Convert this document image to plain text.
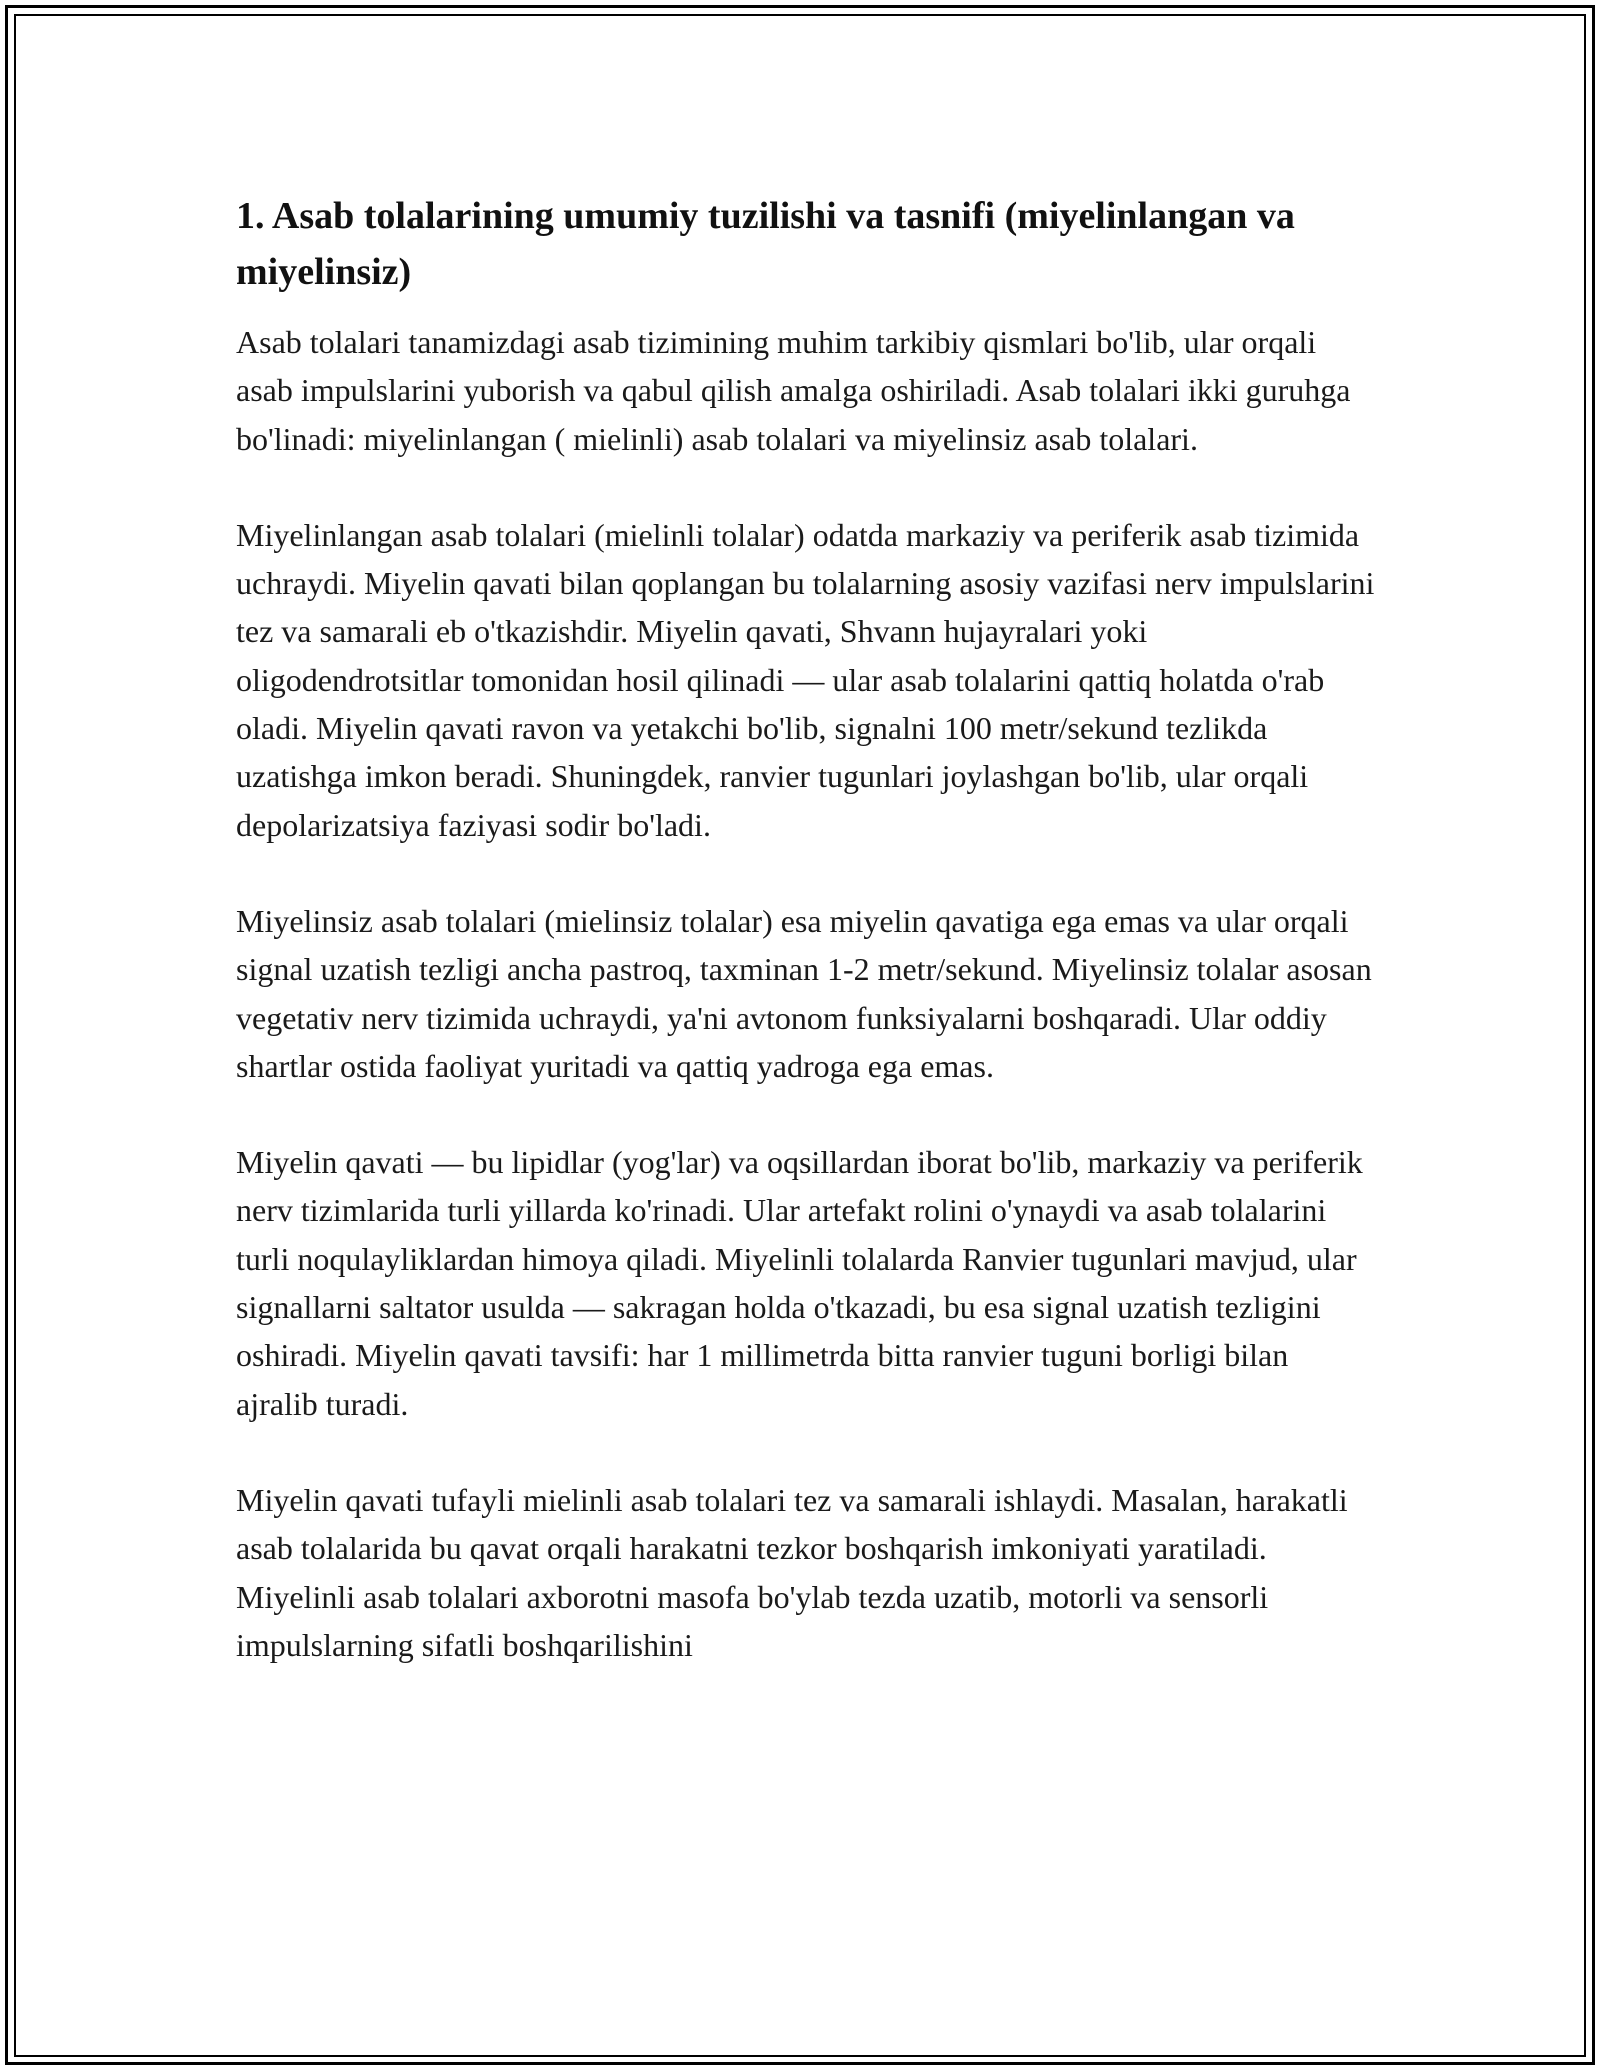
1. Asab tolalarining umumiy tuzilishi va tasnifi (miyelinlangan va miyelinsiz)

Asab tolalari tanamizdagi asab tizimining muhim tarkibiy qismlari bo'lib, ular orqali asab impulslarini yuborish va qabul qilish amalga oshiriladi. Asab tolalari ikki guruhga bo'linadi: miyelinlangan ( mielinli) asab tolalari va miyelinsiz asab tolalari.

Miyelinlangan asab tolalari (mielinli tolalar) odatda markaziy va periferik asab tizimida uchraydi. Miyelin qavati bilan qoplangan bu tolalarning asosiy vazifasi nerv impulslarini tez va samarali eb o'tkazishdir. Miyelin qavati, Shvann hujayralari yoki oligodendrotsitlar tomonidan hosil qilinadi — ular asab tolalarini qattiq holatda o'rab oladi. Miyelin qavati ravon va yetakchi bo'lib, signalni 100 metr/sekund tezlikda uzatishga imkon beradi. Shuningdek, ranvier tugunlari joylashgan bo'lib, ular orqali depolarizatsiya faziyasi sodir bo'ladi.

Miyelinsiz asab tolalari (mielinsiz tolalar) esa miyelin qavatiga ega emas va ular orqali signal uzatish tezligi ancha pastroq, taxminan 1-2 metr/sekund. Miyelinsiz tolalar asosan vegetativ nerv tizimida uchraydi, ya'ni avtonom funksiyalarni boshqaradi. Ular oddiy shartlar ostida faoliyat yuritadi va qattiq yadroga ega emas.

Miyelin qavati — bu lipidlar (yog'lar) va oqsillardan iborat bo'lib, markaziy va periferik nerv tizimlarida turli yillarda ko'rinadi. Ular artefakt rolini o'ynaydi va asab tolalarini turli noqulayliklardan himoya qiladi. Miyelinli tolalarda Ranvier tugunlari mavjud, ular signallarni saltator usulda — sakragan holda o'tkazadi, bu esa signal uzatish tezligini oshiradi. Miyelin qavati tavsifi: har 1 millimetrda bitta ranvier tuguni borligi bilan ajralib turadi.

Miyelin qavati tufayli mielinli asab tolalari tez va samarali ishlaydi. Masalan, harakatli asab tolalarida bu qavat orqali harakatni tezkor boshqarish imkoniyati yaratiladi. Miyelinli asab tolalari axborotni masofa bo'ylab tezda uzatib, motorli va sensorli impulslarning sifatli boshqarilishini
